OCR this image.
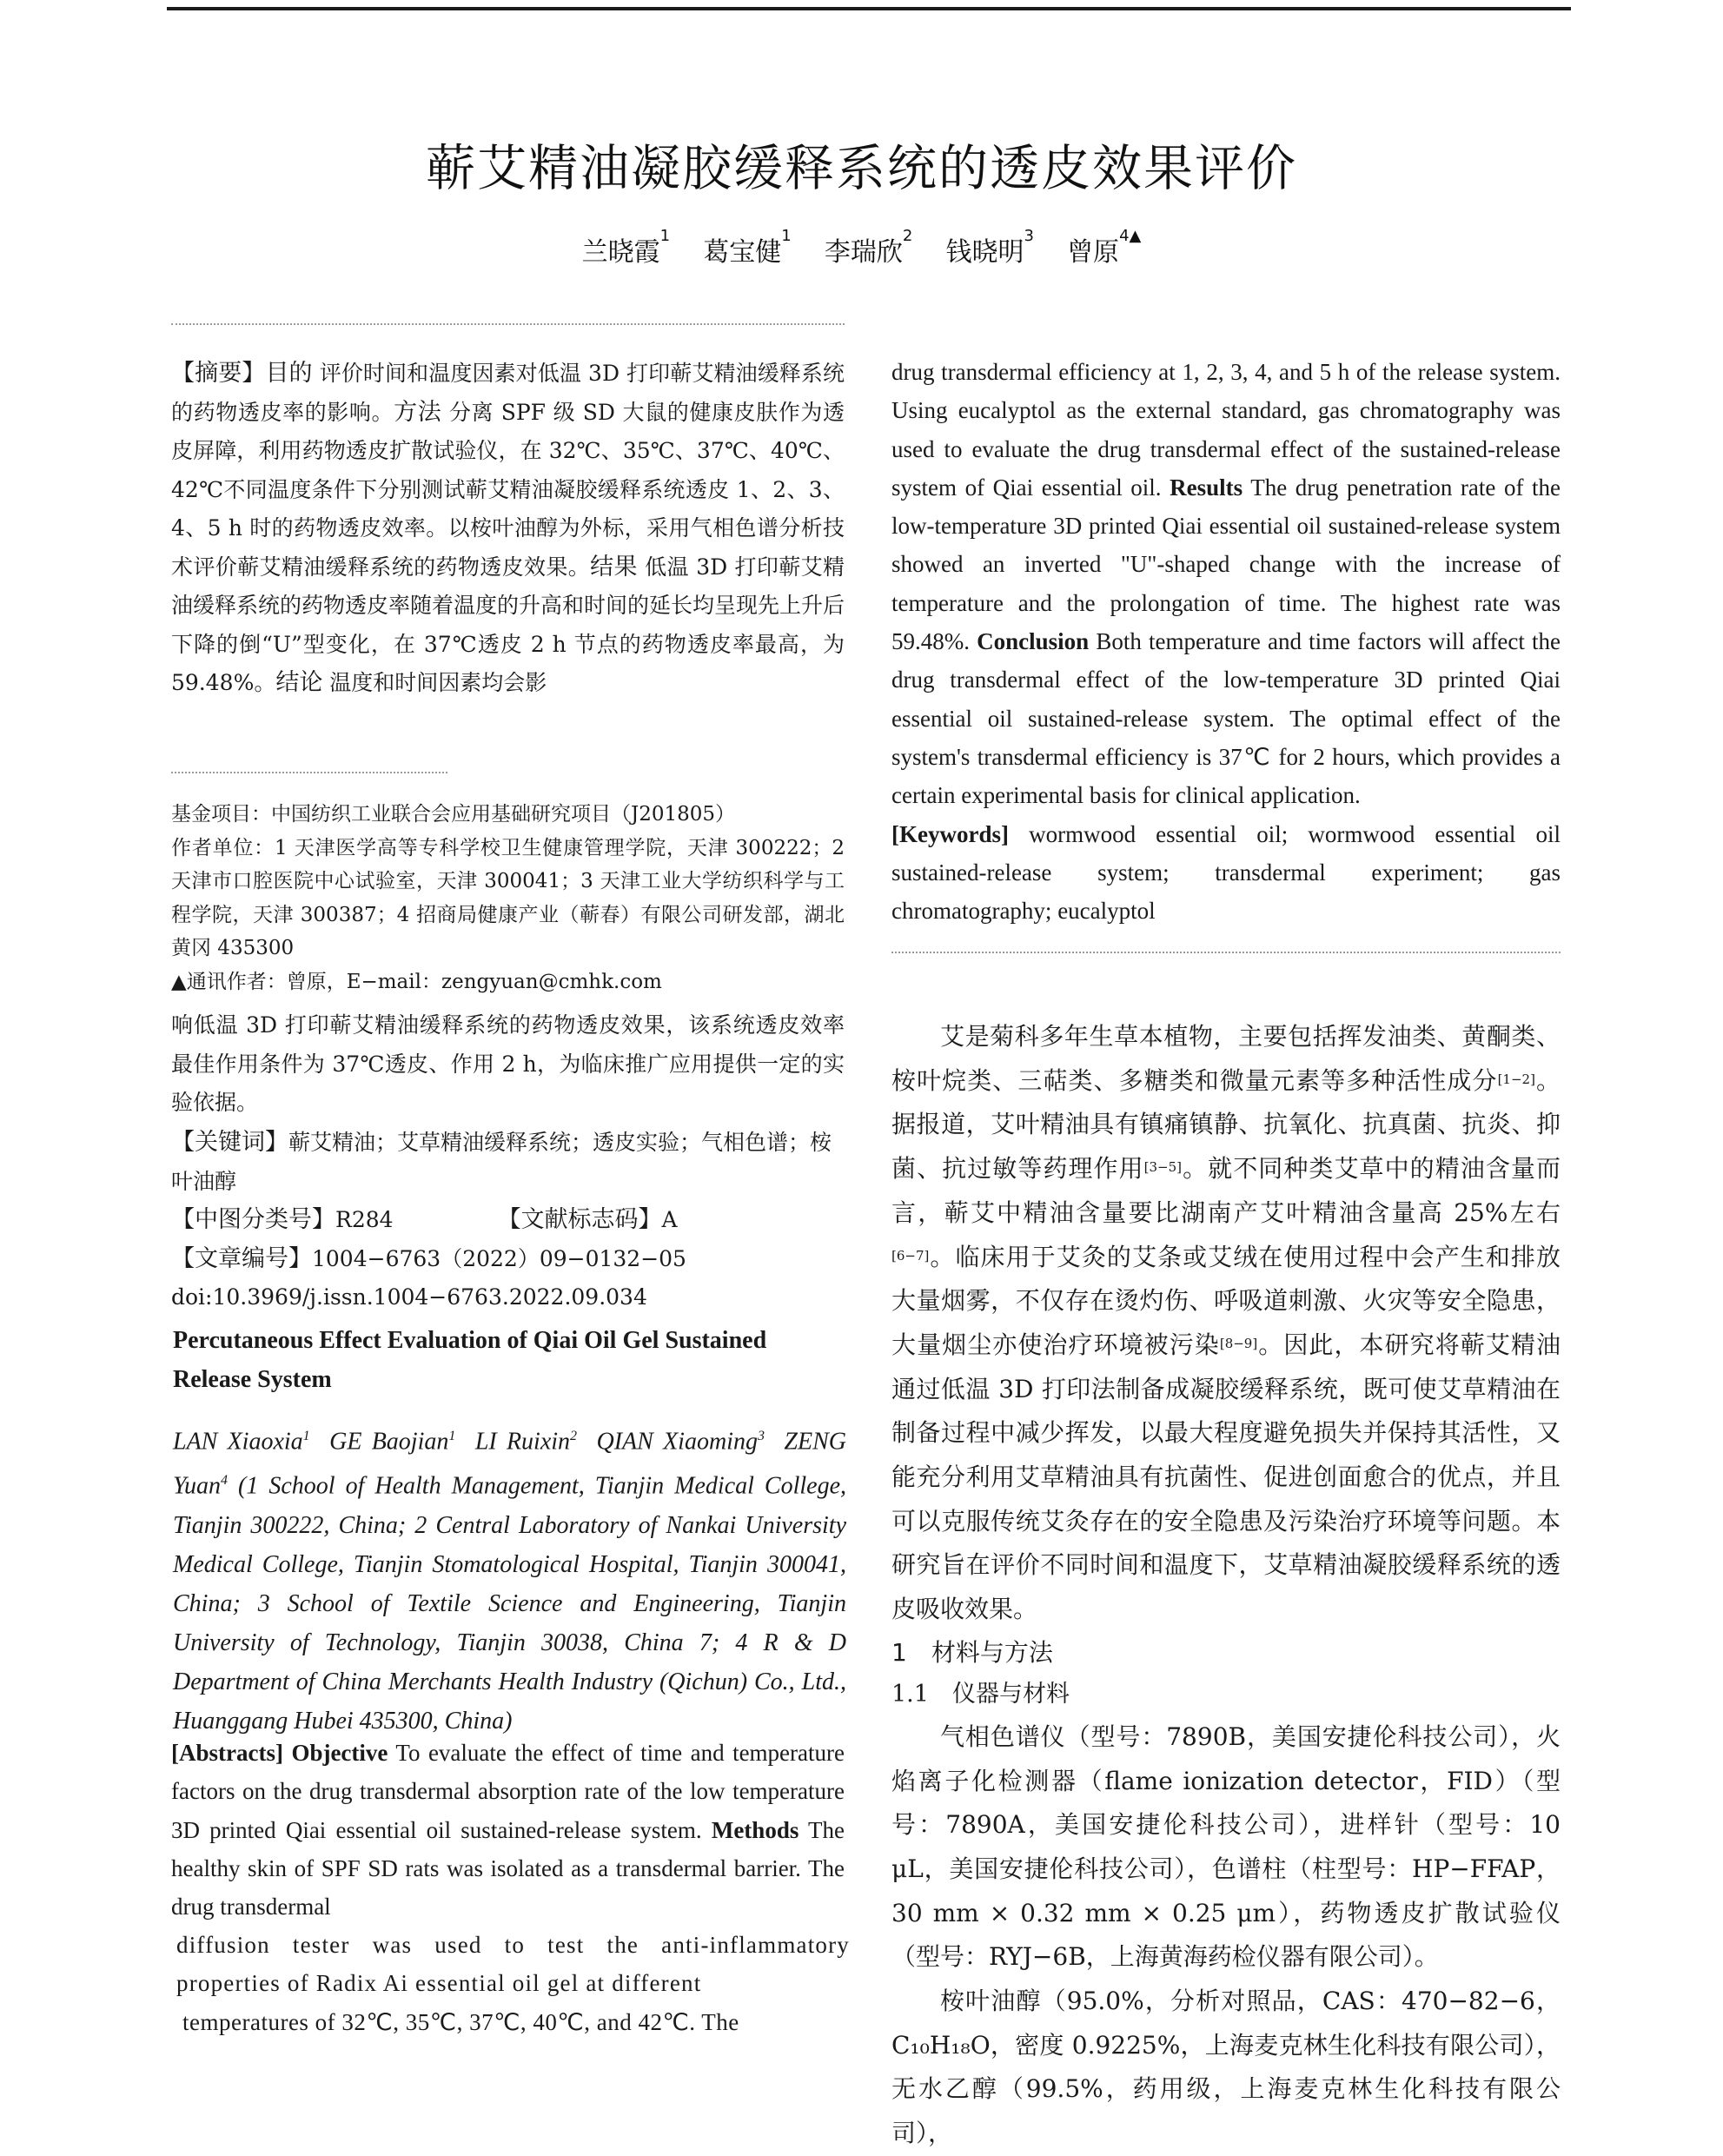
蕲艾精油凝胶缓释系统的透皮效果评价
兰晓霞$^1$    葛宝健$^1$    李瑞欣$^2$    钱晓明$^3$    曾原$^{4▲}$
【摘要】目的 评价时间和温度因素对低温 3D 打印蕲艾精油缓释系统的药物透皮率的影响。方法 分离 SPF 级 SD 大鼠的健康皮肤作为透皮屏障，利用药物透皮扩散试验仪，在 32℃、35℃、37℃、40℃、42℃不同温度条件下分别测试蕲艾精油凝胶缓释系统透皮 1、2、3、4、5 h 时的药物透皮效率。以桉叶油醇为外标，采用气相色谱分析技术评价蕲艾精油缓释系统的药物透皮效果。结果 低温 3D 打印蕲艾精油缓释系统的药物透皮率随着温度的升高和时间的延长均呈现先上升后下降的倒“U”型变化，在 37℃透皮 2 h 节点的药物透皮率最高，为 59.48%。结论 温度和时间因素均会影
基金项目：中国纺织工业联合会应用基础研究项目（J201805）
作者单位：1 天津医学高等专科学校卫生健康管理学院，天津 300222；2 天津市口腔医院中心试验室，天津 300041；3 天津工业大学纺织科学与工程学院，天津 300387；4 招商局健康产业（蕲春）有限公司研发部，湖北 黄冈 435300
▲通讯作者：曾原，E−mail：zengyuan@cmhk.com
响低温 3D 打印蕲艾精油缓释系统的药物透皮效果，该系统透皮效率最佳作用条件为 37℃透皮、作用 2 h，为临床推广应用提供一定的实验依据。
【关键词】蕲艾精油；艾草精油缓释系统；透皮实验；气相色谱；桉叶油醇
【中图分类号】R284	【文献标志码】A
【文章编号】1004−6763（2022）09−0132−05
doi:10.3969/j.issn.1004−6763.2022.09.034
Percutaneous Effect Evaluation of Qiai Oil Gel Sustained Release System
LAN Xiaoxia$^1$ GE Baojian$^1$ LI Ruixin$^2$ QIAN Xiaoming$^3$ ZENG Yuan$^4$ (1 School of Health Management, Tianjin Medical College, Tianjin 300222, China; 2 Central Laboratory of Nankai University Medical College, Tianjin Stomatological Hospital, Tianjin 300041, China; 3 School of Textile Science and Engineering, Tianjin University of Technology, Tianjin 30038, China 7; 4 R & D Department of China Merchants Health Industry (Qichun) Co., Ltd., Huanggang Hubei 435300, China)
[Abstracts] Objective To evaluate the effect of time and temperature factors on the drug transdermal absorption rate of the low temperature 3D printed Qiai essential oil sustained-release system. Methods The healthy skin of SPF SD rats was isolated as a transdermal barrier. The drug transdermal
diffusion tester was used to test the anti-inflammatory properties of Radix Ai essential oil gel at different
temperatures of 32℃, 35℃, 37℃, 40℃, and 42℃. The
drug transdermal efficiency at 1, 2, 3, 4, and 5 h of the release system. Using eucalyptol as the external standard, gas chromatography was used to evaluate the drug transdermal effect of the sustained-release system of Qiai essential oil. Results The drug penetration rate of the low-temperature 3D printed Qiai essential oil sustained-release system showed an inverted "U"-shaped change with the increase of temperature and the prolongation of time. The highest rate was 59.48%. Conclusion Both temperature and time factors will affect the drug transdermal effect of the low-temperature 3D printed Qiai essential oil sustained-release system. The optimal effect of the system's transdermal efficiency is 37℃ for 2 hours, which provides a certain experimental basis for clinical application.
[Keywords] wormwood essential oil; wormwood essential oil sustained-release system; transdermal experiment; gas chromatography; eucalyptol

艾是菊科多年生草本植物，主要包括挥发油类、黄酮类、桉叶烷类、三萜类、多糖类和微量元素等多种活性成分[1−2]。据报道，艾叶精油具有镇痛镇静、抗氧化、抗真菌、抗炎、抑菌、抗过敏等药理作用[3−5]。就不同种类艾草中的精油含量而言，蕲艾中精油含量要比湖南产艾叶精油含量高 25%左右[6−7]。临床用于艾灸的艾条或艾绒在使用过程中会产生和排放大量烟雾，不仅存在烫灼伤、呼吸道刺激、火灾等安全隐患，大量烟尘亦使治疗环境被污染[8−9]。因此，本研究将蕲艾精油通过低温 3D 打印法制备成凝胶缓释系统，既可使艾草精油在制备过程中减少挥发，以最大程度避免损失并保持其活性，又能充分利用艾草精油具有抗菌性、促进创面愈合的优点，并且可以克服传统艾灸存在的安全隐患及污染治疗环境等问题。本研究旨在评价不同时间和温度下，艾草精油凝胶缓释系统的透皮吸收效果。

1　材料与方法
1.1　仪器与材料

气相色谱仪（型号：7890B，美国安捷伦科技公司），火焰离子化检测器（flame ionization detector，FID）（型号：7890A，美国安捷伦科技公司），进样针（型号：10 μL，美国安捷伦科技公司），色谱柱（柱型号：HP−FFAP，30 mm × 0.32 mm × 0.25 μm），药物透皮扩散试验仪（型号：RYJ−6B，上海黄海药检仪器有限公司）。

桉叶油醇（95.0%，分析对照品，CAS：470−82−6，C₁₀H₁₈O，密度 0.9225%，上海麦克林生化科技有限公司），无水乙醇（99.5%，药用级，上海麦克林生化科技有限公司），
